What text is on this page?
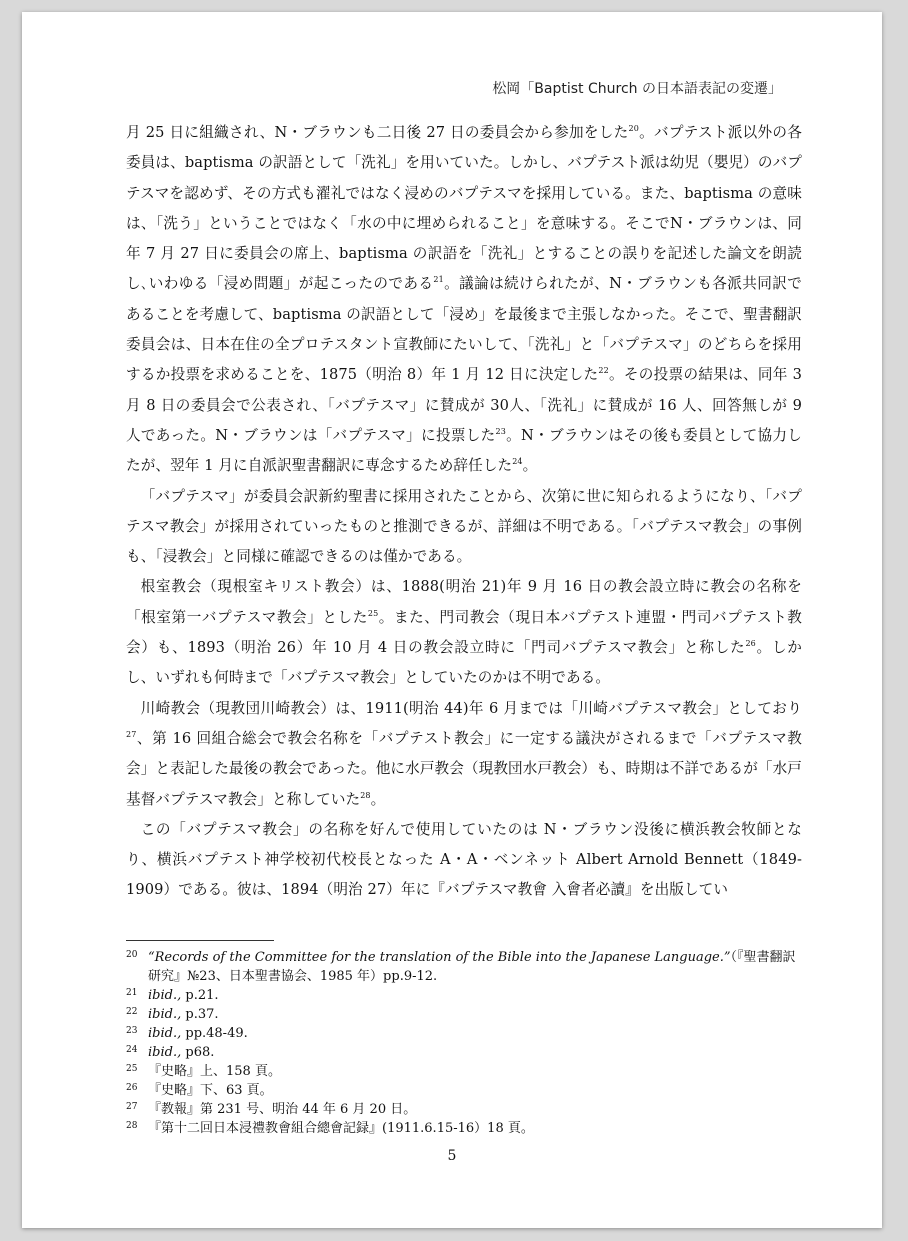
松岡「Baptist Church の日本語表記の変遷」

月 25 日に組織され、N・ブラウンも二日後 27 日の委員会から参加をした$^{20}$。バプテスト派以外の各委員は、baptisma の訳語として「洗礼」を用いていた。しかし、バプテスト派は幼児（嬰児）のバプテスマを認めず、その方式も濯礼ではなく浸めのバプテスマを採用している。また、baptisma の意味は、「洗う」ということではなく「水の中に埋められること」を意味する。そこでN・ブラウンは、同年 7 月 27 日に委員会の席上、baptisma の訳語を「洗礼」とすることの誤りを記述した論文を朗読し､いわゆる「浸め問題」が起こったのである$^{21}$。議論は続けられたが、N・ブラウンも各派共同訳であることを考慮して、baptisma の訳語として「浸め」を最後まで主張しなかった。そこで、聖書翻訳委員会は、日本在住の全プロテスタント宣教師にたいして、「洗礼」と「バプテスマ」のどちらを採用するか投票を求めることを、1875（明治 8）年 1 月 12 日に決定した$^{22}$。その投票の結果は、同年 3 月 8 日の委員会で公表され、「バプテスマ」に賛成が 30人、「洗礼」に賛成が 16 人、回答無しが 9 人であった。N・ブラウンは「バプテスマ」に投票した$^{23}$。N・ブラウンはその後も委員として協力したが、翌年 1 月に自派訳聖書翻訳に専念するため辞任した$^{24}$。

「バプテスマ」が委員会訳新約聖書に採用されたことから、次第に世に知られるようになり、「バプテスマ教会」が採用されていったものと推測できるが、詳細は不明である。「バプテスマ教会」の事例も、「浸教会」と同様に確認できるのは僅かである。

根室教会（現根室キリスト教会）は、1888(明治 21)年 9 月 16 日の教会設立時に教会の名称を「根室第一バプテスマ教会」とした$^{25}$。また、門司教会（現日本バプテスト連盟・門司バプテスト教会）も、1893（明治 26）年 10 月 4 日の教会設立時に「門司バプテスマ教会」と称した$^{26}$。しかし、いずれも何時まで「バプテスマ教会」としていたのかは不明である。

川崎教会（現教団川崎教会）は、1911(明治 44)年 6 月までは「川崎バプテスマ教会」としており$^{27}$、第 16 回組合総会で教会名称を「バプテスト教会」に一定する議決がされるまで「バプテスマ教会」と表記した最後の教会であった。他に水戸教会（現教団水戸教会）も、時期は不詳であるが「水戸基督バプテスマ教会」と称していた$^{28}$。

この「バプテスマ教会」の名称を好んで使用していたのは N・ブラウン没後に横浜教会牧師となり、横浜バプテスト神学校初代校長となった A・A・ベンネット Albert Arnold Bennett（1849-1909）である。彼は、1894（明治 27）年に『バプテスマ教會 入會者必讀』を出版してい

20 “Records of the Committee for the translation of the Bible into the Japanese Language.”（『聖書翻訳研究』№23、日本聖書協会、1985 年）pp.9-12.
21 ibid., p.21.
22 ibid., p.37.
23 ibid., pp.48-49.
24 ibid., p68.
25 『史略』上、158 頁。
26 『史略』下、63 頁。
27 『教報』第 231 号、明治 44 年 6 月 20 日。
28 『第十二回日本浸禮教會組合總會記録』(1911.6.15-16）18 頁。
5
